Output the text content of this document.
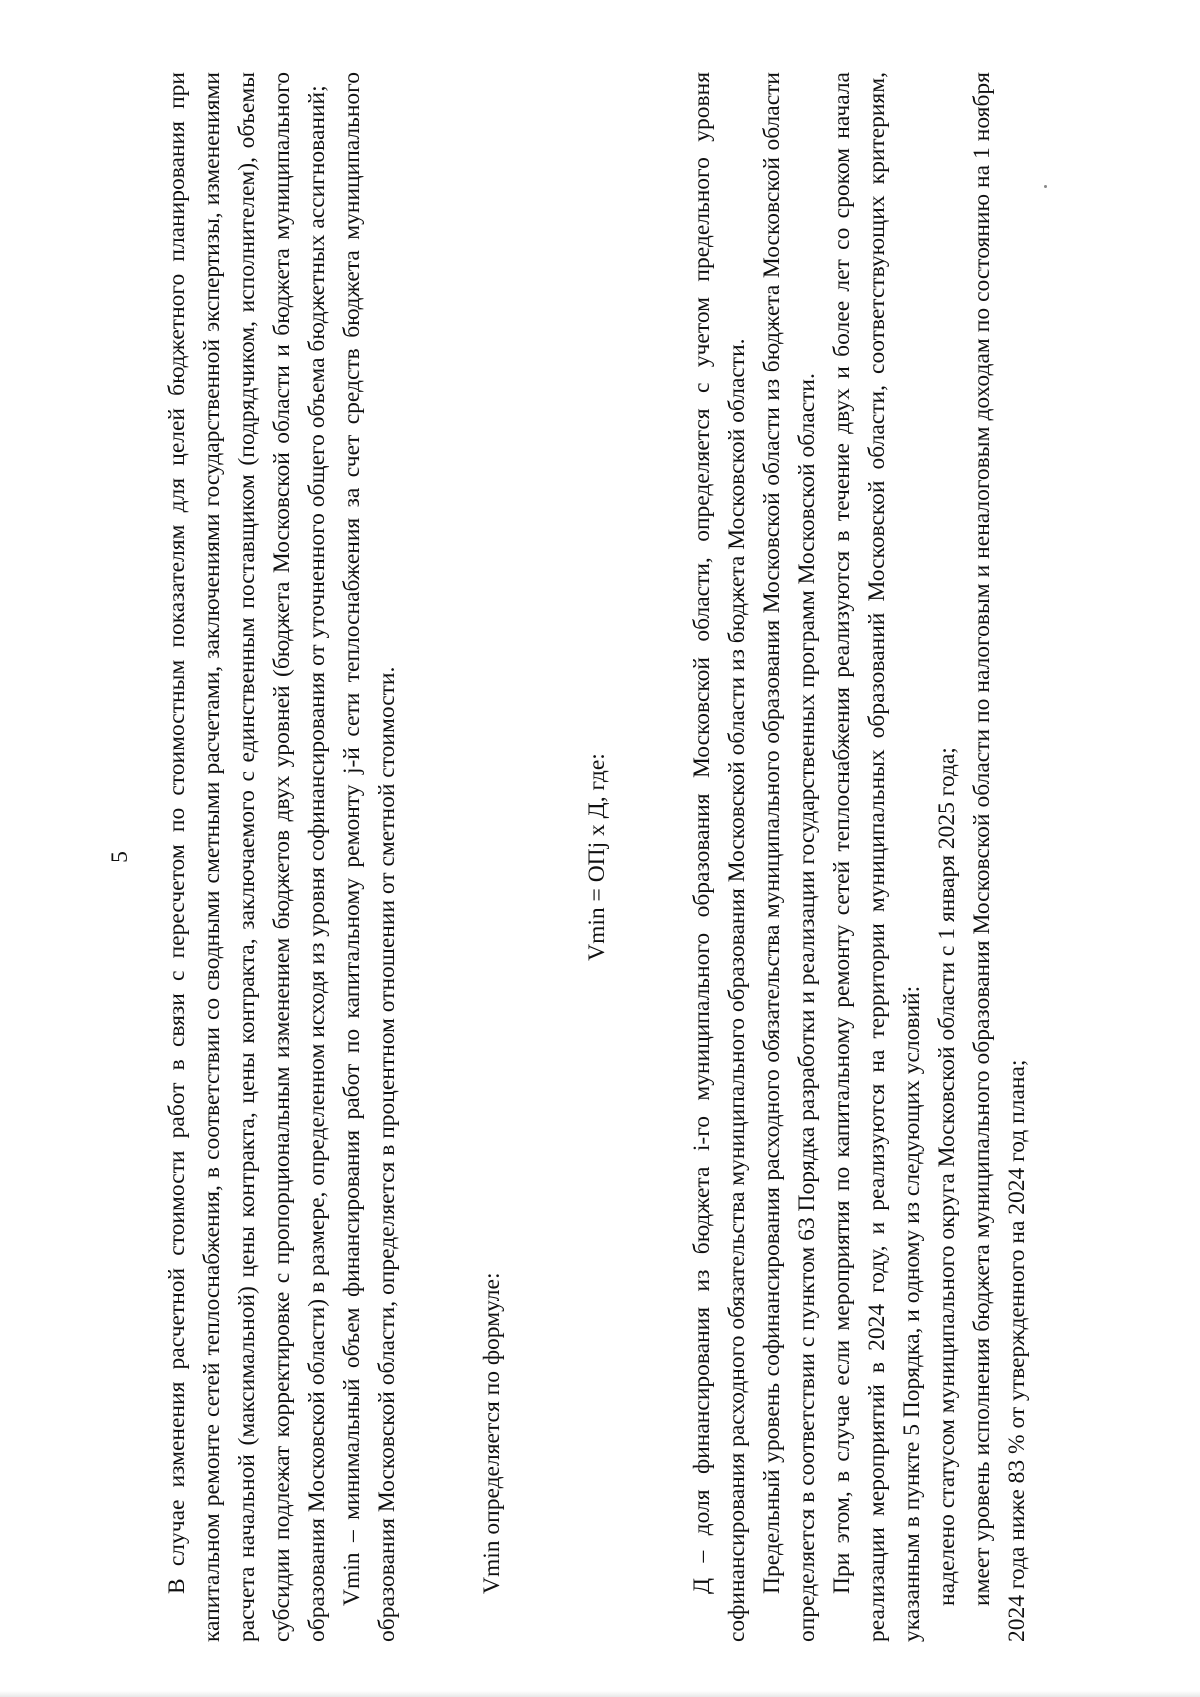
5	В случае изменения расчетной стоимости работ в связи с пересчетом по стоимостным показателям для целей бюджетного планирования при капитальном ремонте сетей теплоснабжения, в соответствии со сводными сметными расчетами, заключениями государственной экспертизы, изменениями расчета начальной (максимальной) цены контракта, цены контракта, заключаемого с единственным поставщиком (подрядчиком, исполнителем), объемы субсидии подлежат корректировке с пропорциональным изменением бюджетов двух уровней (бюджета Московской области и бюджета муниципального образования Московской области) в размере, определенном исходя из уровня софинансирования от уточненного общего объема бюджетных ассигнований; Vmin – минимальный объем финансирования работ по капитальному ремонту j-й сети теплоснабжения за счет средств бюджета муниципального образования Московской области, определяется в процентном отношении от сметной стоимости.	Vmin определяется по формуле:

Vmin = ОПj х Д, где:	Д – доля финансирования из бюджета i-го муниципального образования Московской области, определяется с учетом предельного уровня софинансирования расходного обязательства муниципального образования Московской области из бюджета Московской области. Предельный уровень софинансирования расходного обязательства муниципального образования Московской области из бюджета Московской области определяется в соответствии с пунктом 63 Порядка разработки и реализации государственных программ Московской области. При этом, в случае если мероприятия по капитальному ремонту сетей теплоснабжения реализуются в течение двух и более лет со сроком начала реализации мероприятий в 2024 году, и реализуются на территории муниципальных образований Московской области, соответствующих критериям, указанным в пункте 5 Порядка, и одному из следующих условий: наделено статусом муниципального округа Московской области с 1 января 2025 года; имеет уровень исполнения бюджета муниципального образования Московской области по налоговым и неналоговым доходам по состоянию на 1 ноября 2024 года ниже 83 % от утвержденного на 2024 год плана;
